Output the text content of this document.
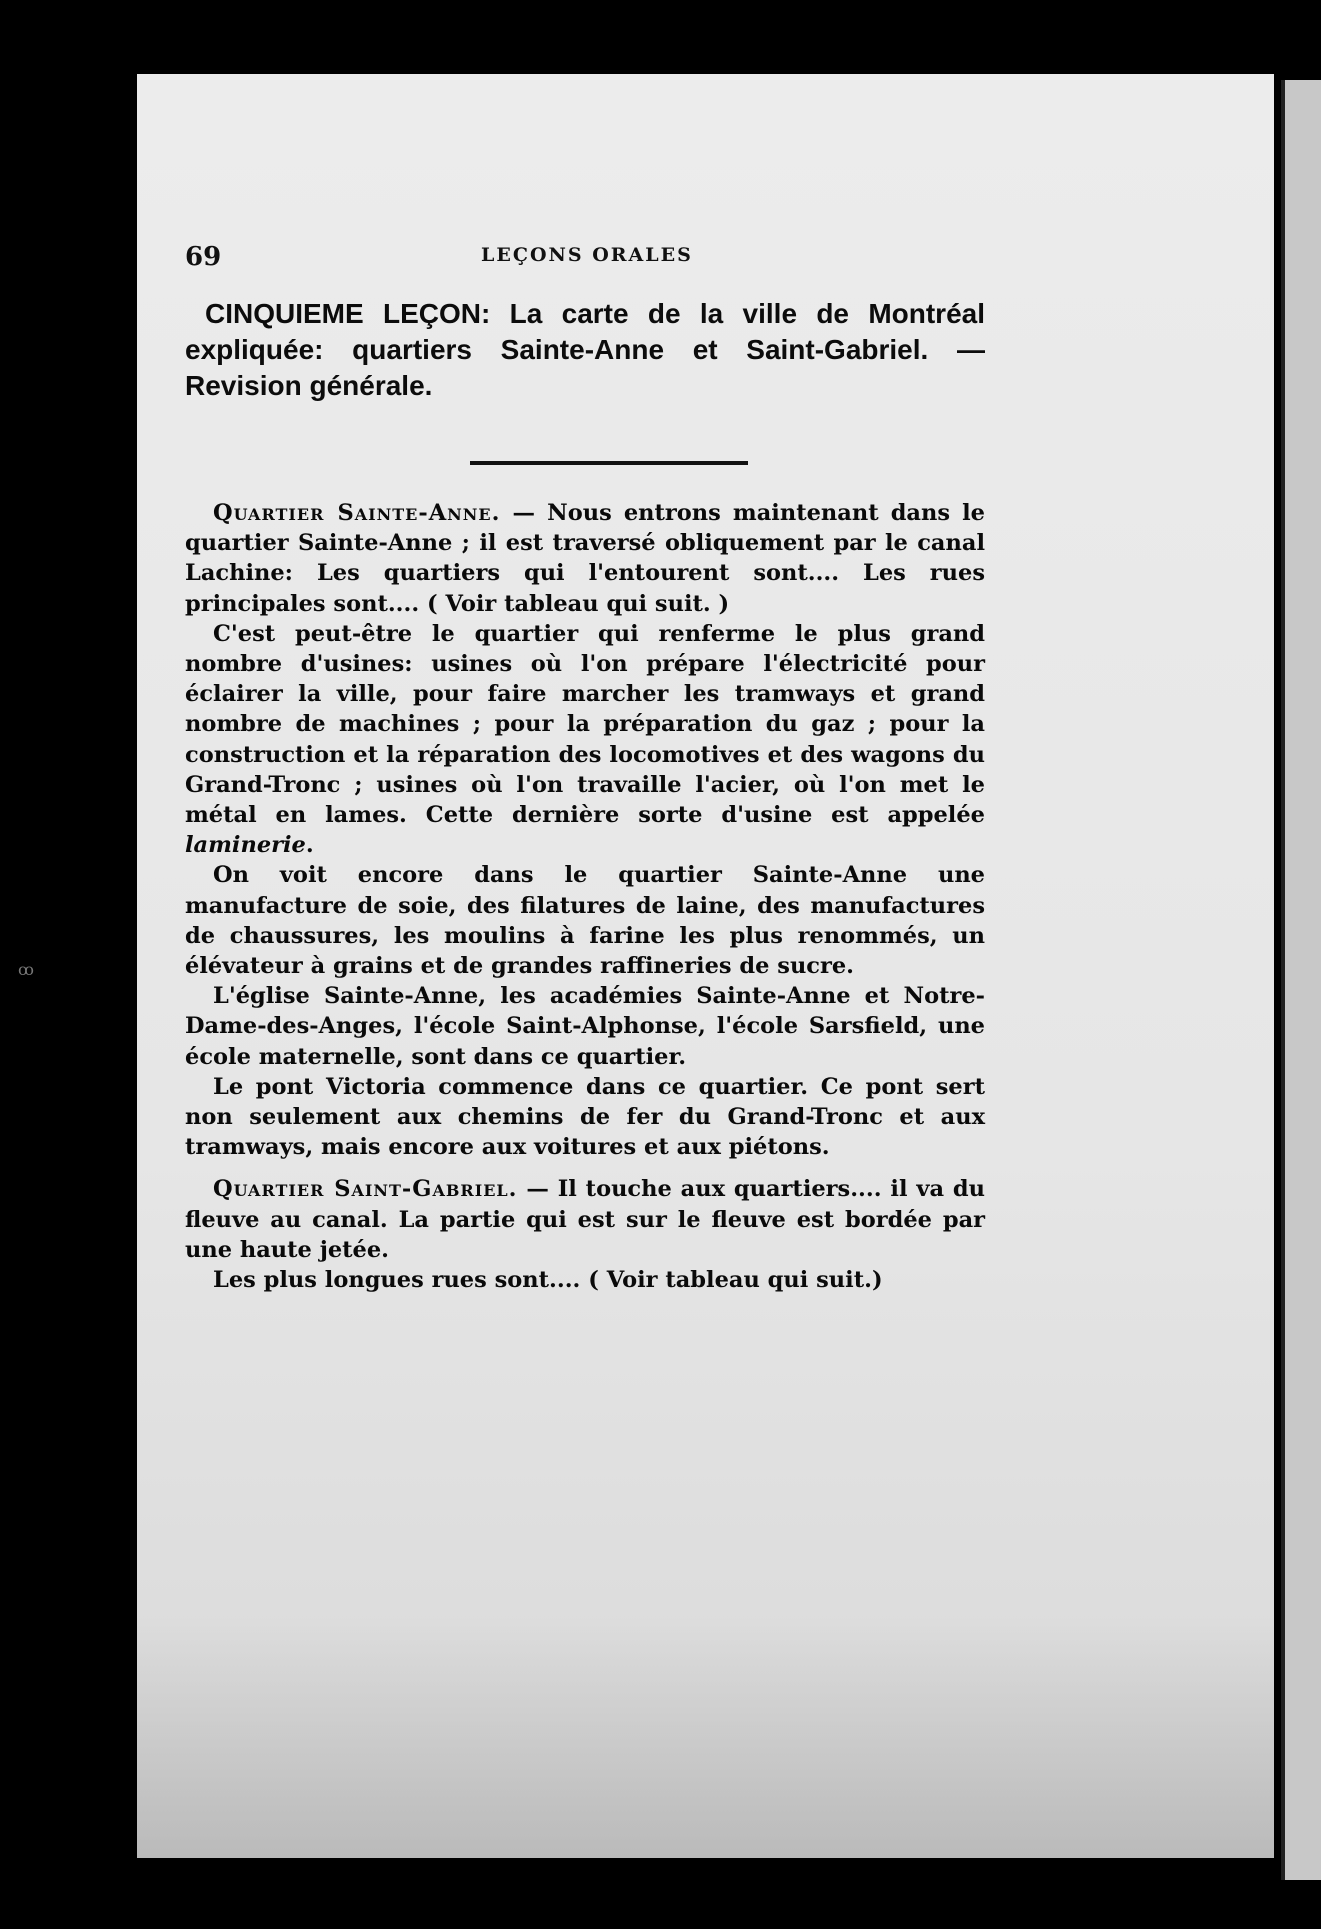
ꝏ
69	LEÇONS ORALES
CINQUIEME LEÇON: La carte de la ville de Montréal expliquée: quartiers Sainte-Anne et Saint-Gabriel. — Revision générale.

Quartier Sainte-Anne. — Nous entrons maintenant dans le quartier Sainte-Anne ; il est traversé obliquement par le canal Lachine: Les quartiers qui l'entourent sont.... Les rues principales sont.... ( Voir tableau qui suit. )

C'est peut-être le quartier qui renferme le plus grand nombre d'usines: usines où l'on prépare l'électricité pour éclairer la ville, pour faire marcher les tramways et grand nombre de machines ; pour la préparation du gaz ; pour la construction et la réparation des locomotives et des wagons du Grand-Tronc ; usines où l'on travaille l'acier, où l'on met le métal en lames. Cette dernière sorte d'usine est appelée laminerie.

On voit encore dans le quartier Sainte-Anne une manufacture de soie, des filatures de laine, des manufactures de chaussures, les moulins à farine les plus renommés, un élévateur à grains et de grandes raffineries de sucre.

L'église Sainte-Anne, les académies Sainte-Anne et Notre-Dame-des-Anges, l'école Saint-Alphonse, l'école Sarsfield, une école maternelle, sont dans ce quartier.

Le pont Victoria commence dans ce quartier. Ce pont sert non seulement aux chemins de fer du Grand-Tronc et aux tramways, mais encore aux voitures et aux piétons.

Quartier Saint-Gabriel. — Il touche aux quartiers.... il va du fleuve au canal. La partie qui est sur le fleuve est bordée par une haute jetée.

Les plus longues rues sont.... ( Voir tableau qui suit.)
